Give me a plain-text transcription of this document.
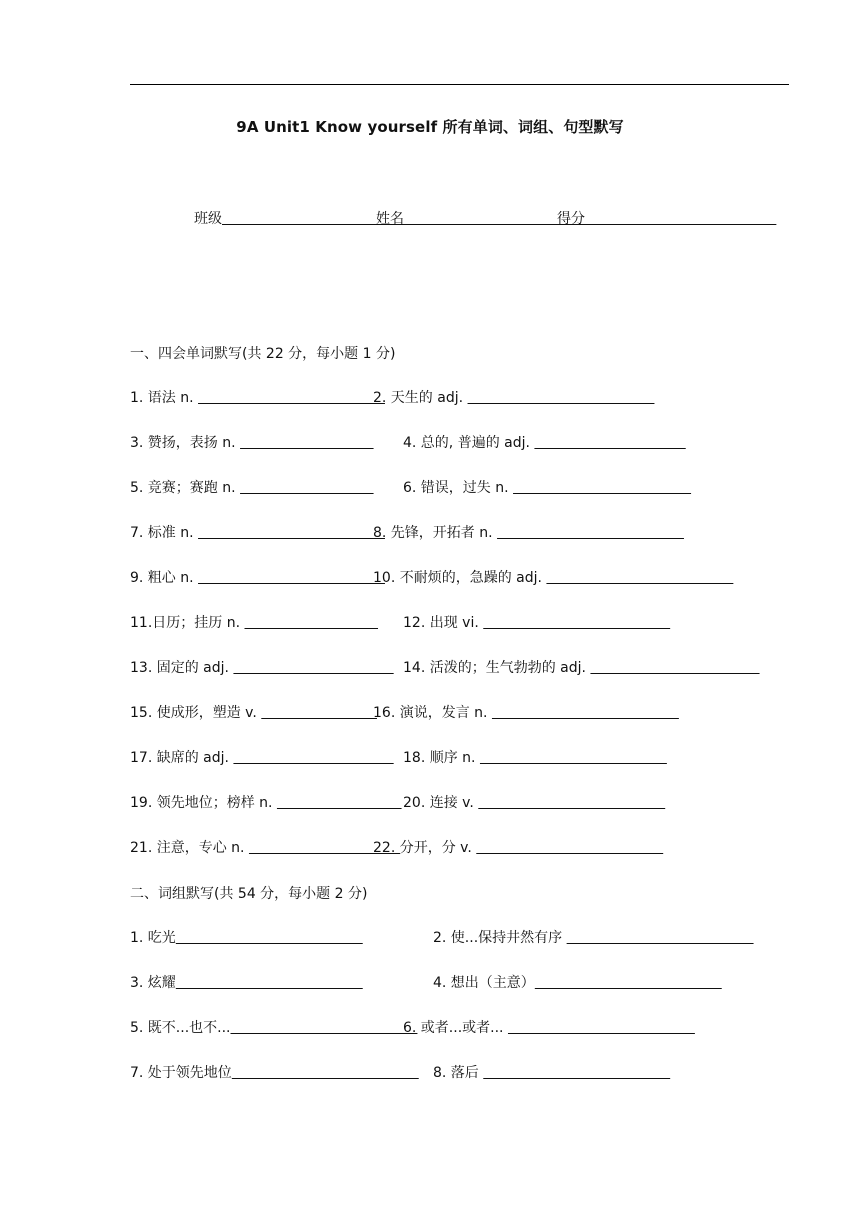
9A Unit1 Know yourself 所有单词、词组、句型默写
班级	姓名	得分
一、四会单词默写(共 22 分，每小题 1 分)
1. 语法 n.	2. 天生的 adj.
3. 赞扬，表扬 n.	4. 总的, 普遍的 adj.
5. 竞赛；赛跑 n.	6. 错误，过失 n.
7. 标准 n.	8. 先锋，开拓者 n.
9. 粗心 n.	10. 不耐烦的，急躁的 adj.
11.日历；挂历 n.	12. 出现 vi.
13. 固定的 adj.	14. 活泼的；生气勃勃的 adj.
15. 使成形，塑造 v.	16. 演说，发言 n.
17. 缺席的 adj.	18. 顺序 n.
19. 领先地位；榜样 n.	20. 连接 v.
21. 注意，专心 n.	22. 分开，分 v.
二、词组默写(共 54 分，每小题 2 分)
1. 吃光	2. 使...保持井然有序
3. 炫耀	4. 想出（主意）
5. 既不...也不...	6. 或者...或者...
7. 处于领先地位	8. 落后
